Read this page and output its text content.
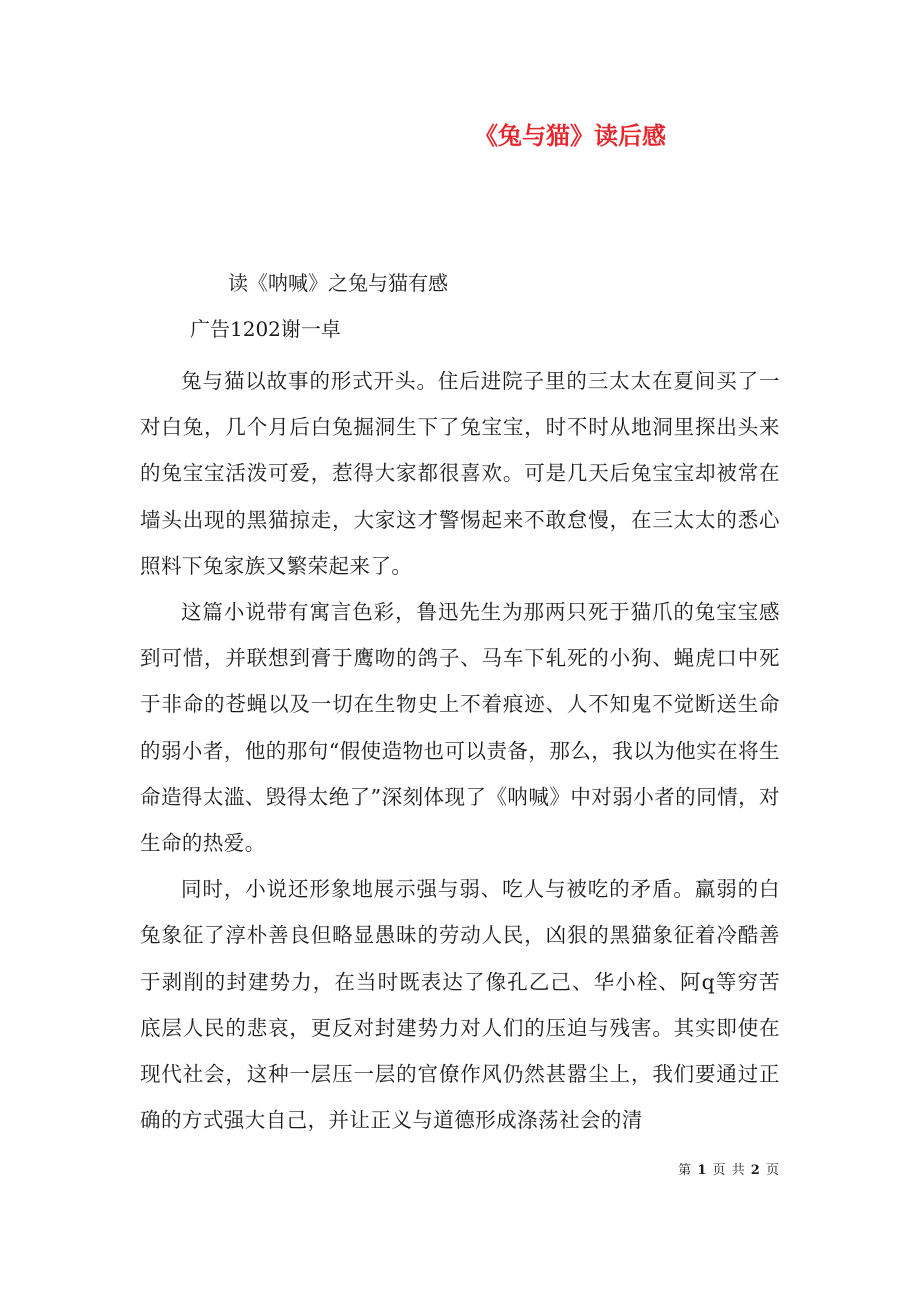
《兔与猫》读后感
读《呐喊》之兔与猫有感
广告1202谢一卓

兔与猫以故事的形式开头。住后进院子里的三太太在夏间买了一对白兔，几个月后白兔掘洞生下了兔宝宝，时不时从地洞里探出头来的兔宝宝活泼可爱，惹得大家都很喜欢。可是几天后兔宝宝却被常在墙头出现的黑猫掠走，大家这才警惕起来不敢怠慢，在三太太的悉心照料下兔家族又繁荣起来了。

这篇小说带有寓言色彩，鲁迅先生为那两只死于猫爪的兔宝宝感到可惜，并联想到膏于鹰吻的鸽子、马车下轧死的小狗、蝇虎口中死于非命的苍蝇以及一切在生物史上不着痕迹、人不知鬼不觉断送生命的弱小者，他的那句“假使造物也可以责备，那么，我以为他实在将生命造得太滥、毁得太绝了”深刻体现了《呐喊》中对弱小者的同情，对生命的热爱。

同时，小说还形象地展示强与弱、吃人与被吃的矛盾。羸弱的白兔象征了淳朴善良但略显愚昧的劳动人民，凶狠的黑猫象征着冷酷善于剥削的封建势力，在当时既表达了像孔乙己、华小栓、阿q等穷苦底层人民的悲哀，更反对封建势力对人们的压迫与残害。其实即使在现代社会，这种一层压一层的官僚作风仍然甚嚣尘上，我们要通过正确的方式强大自己，并让正义与道德形成涤荡社会的清

第 1 页 共 2 页
